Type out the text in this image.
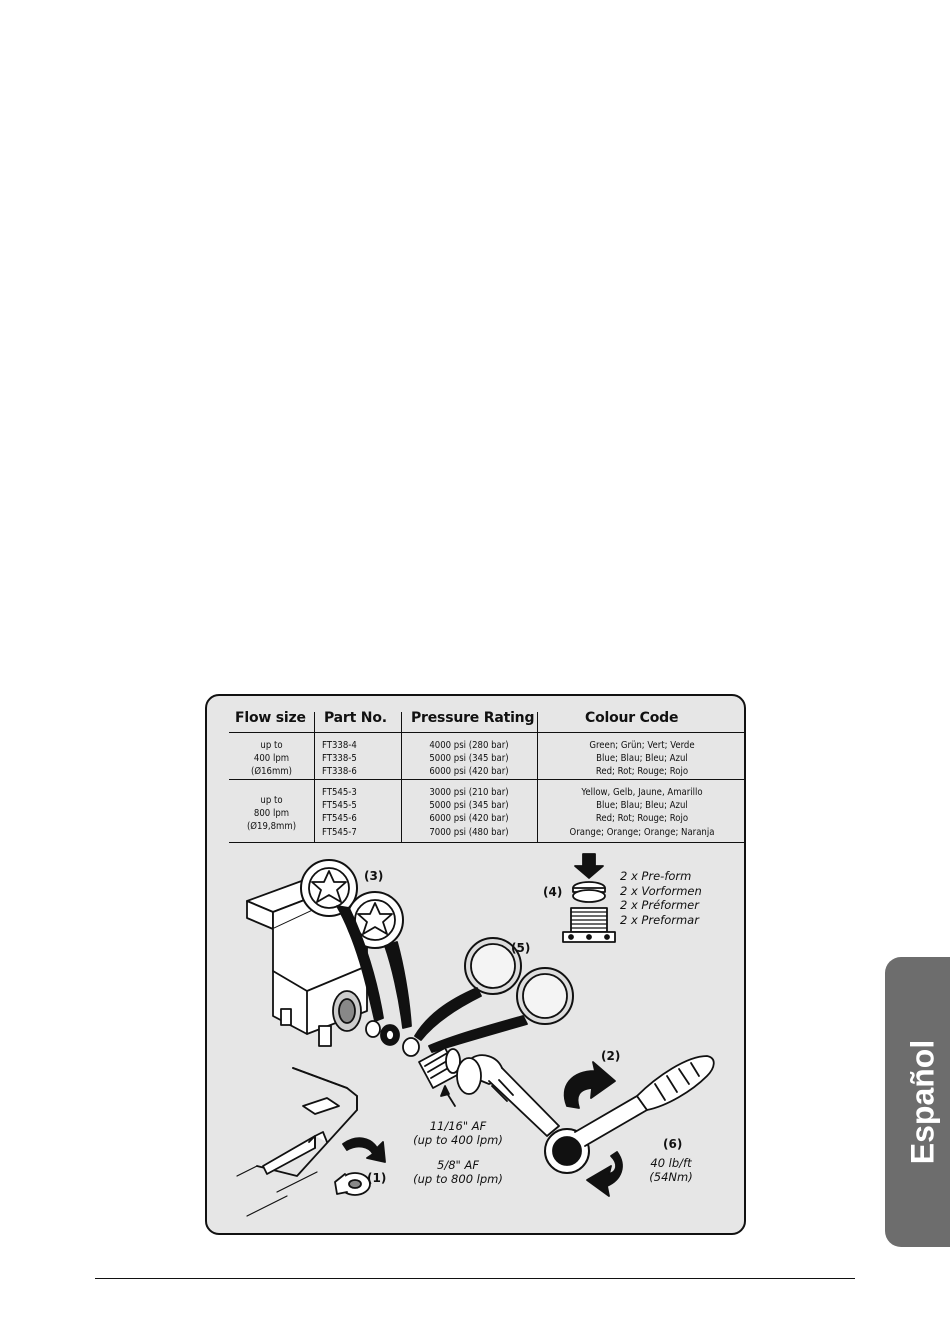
Flow size Part No. Pressure Rating	Colour Code
up to
400 lpm
(Ø16mm)
FT338-4
FT338-5
FT338-6
4000 psi (280 bar)
5000 psi (345 bar)
6000 psi (420 bar)
Green; Grün; Vert; Verde
Blue; Blau; Bleu; Azul
Red; Rot; Rouge; Rojo
up to
800 lpm
(Ø19,8mm)
FT545-3
FT545-5
FT545-6
FT545-7
3000 psi (210 bar)
5000 psi (345 bar)
6000 psi (420 bar)
7000 psi (480 bar)
Yellow, Gelb, Jaune, Amarillo
Blue; Blau; Bleu; Azul
Red; Rot; Rouge; Rojo
Orange; Orange; Orange; Naranja
(3)
(4)
(5)
(2)
(6)
(1)
2 x Pre-form
2 x Vorformen
2 x Préformer
2 x Preformar
11/16" AF
(up to 400 lpm)
5/8" AF
(up to 800 lpm)
40 lb/ft
(54Nm)
Español
